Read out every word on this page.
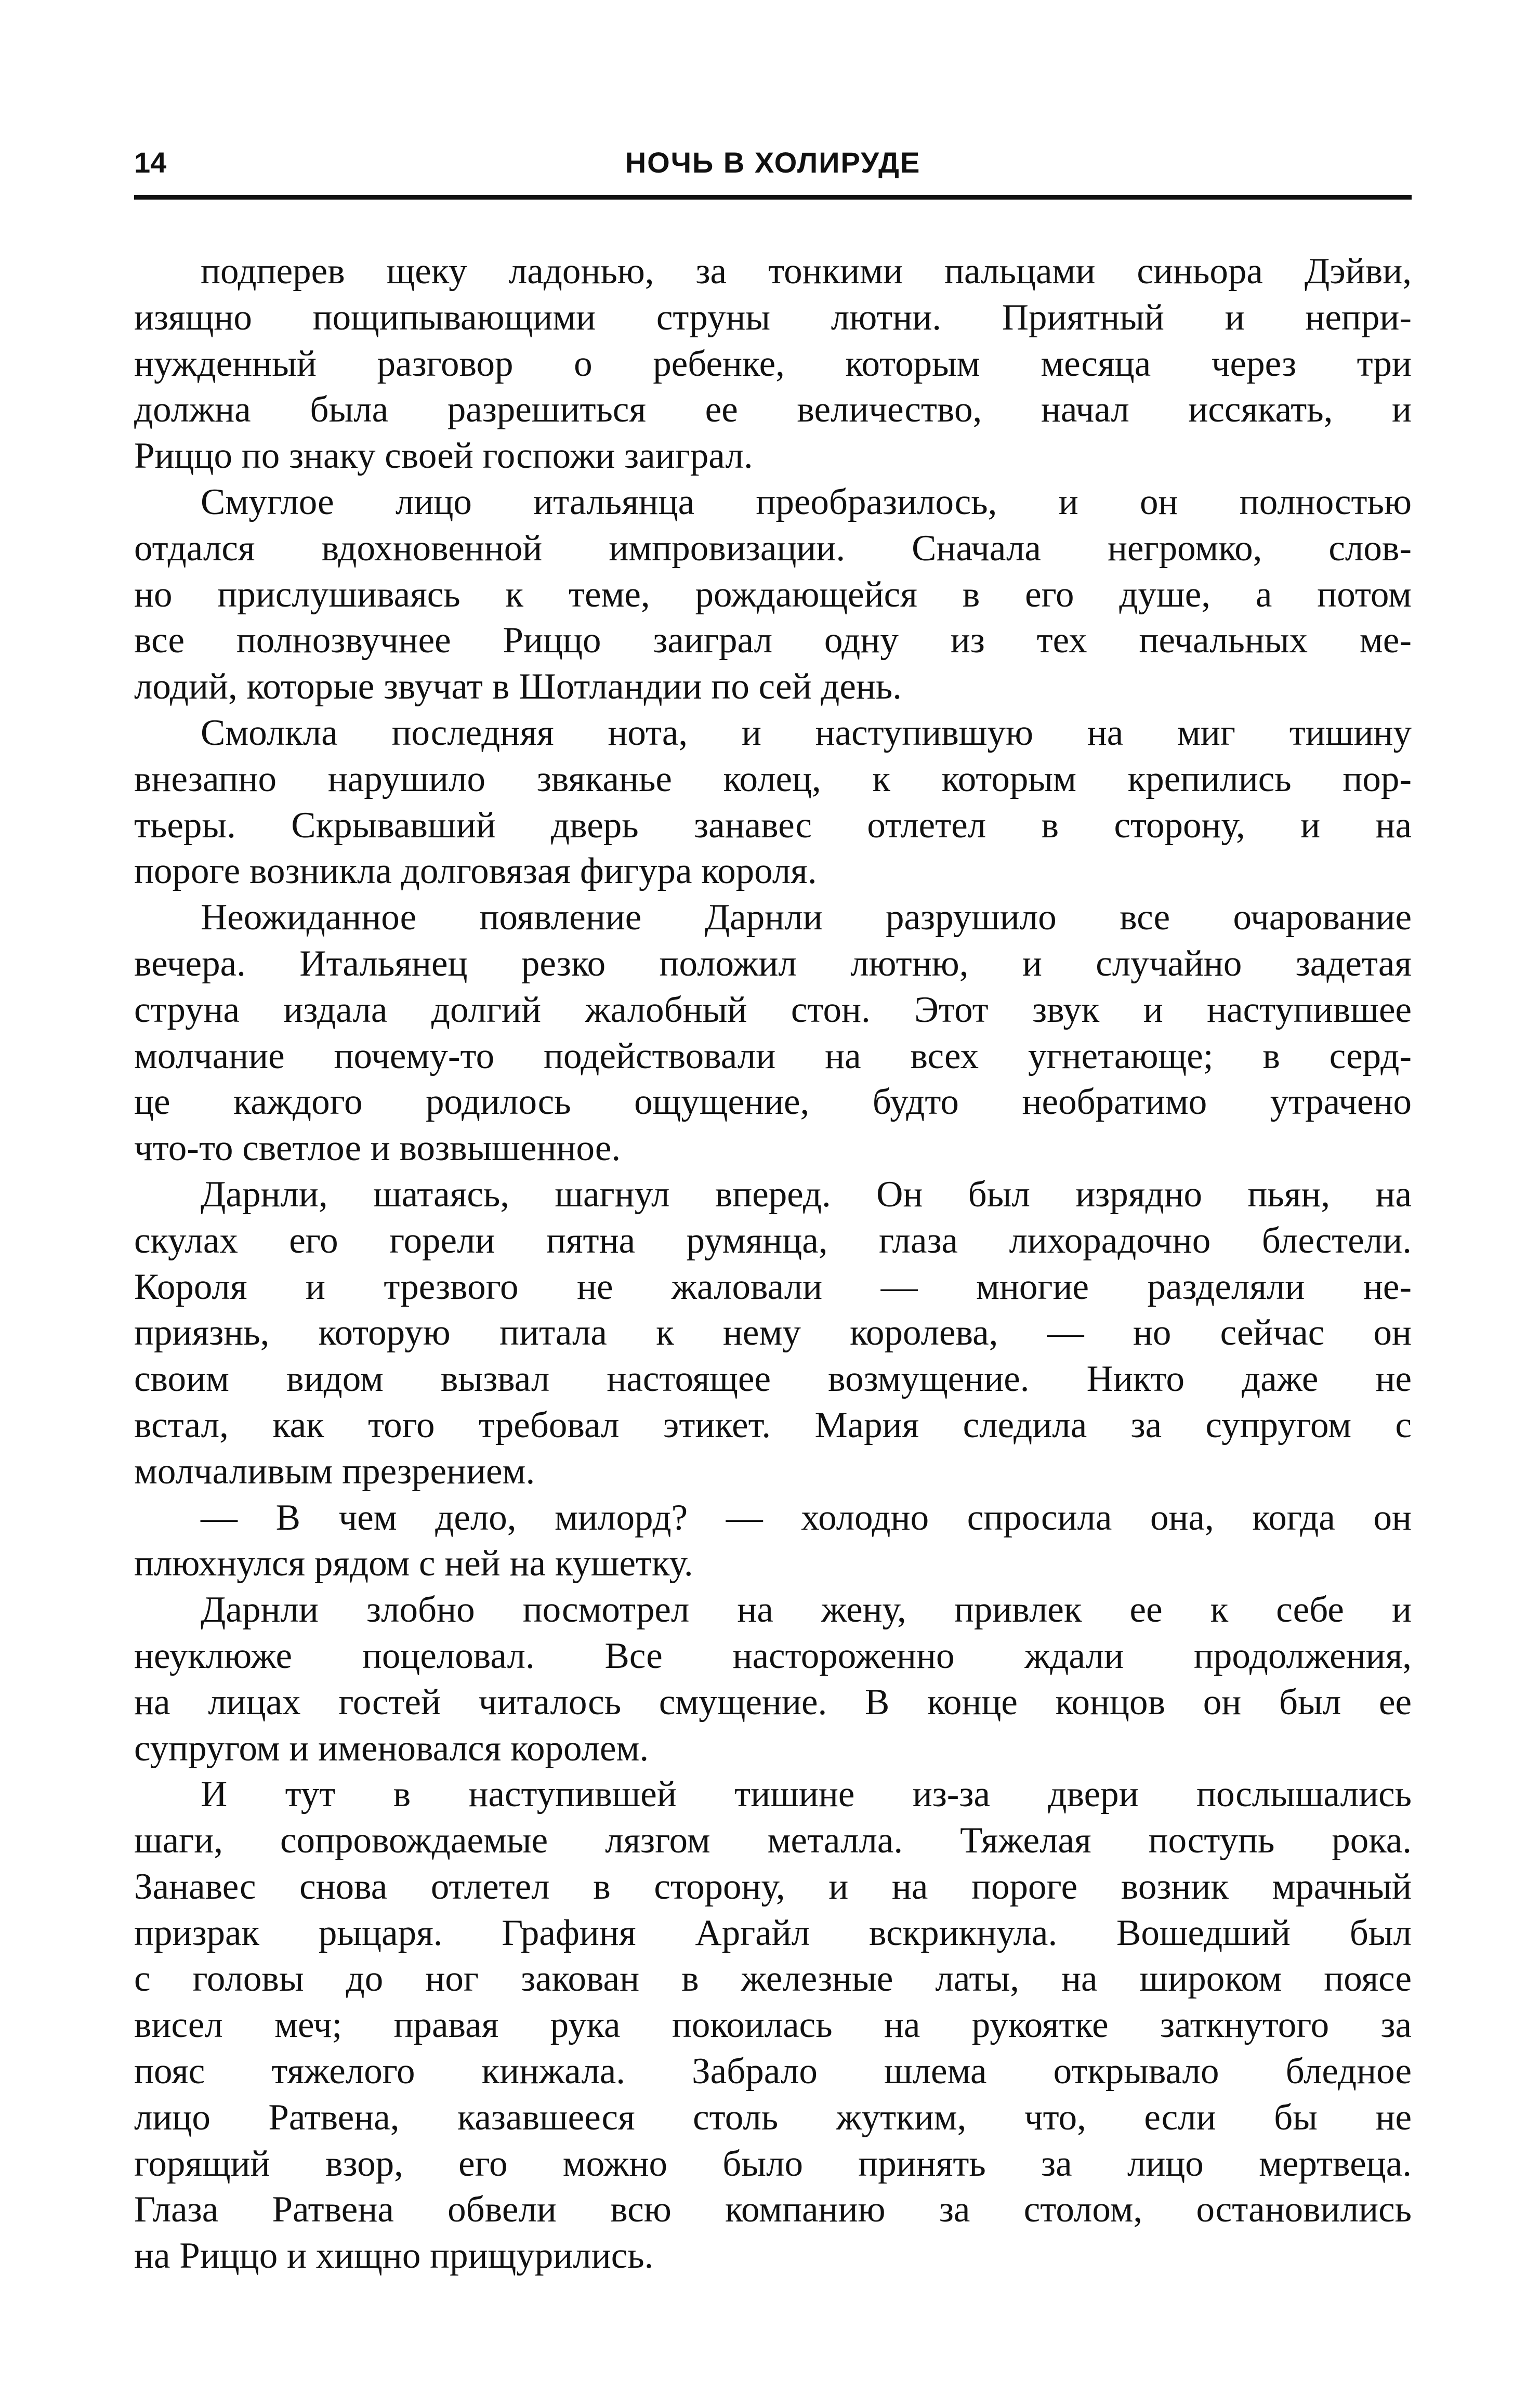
14	НОЧЬ В ХОЛИРУДЕ
подперев щеку ладонью, за тонкими пальцами синьора Дэйви,
изящно пощипывающими струны лютни. Приятный и непри-
нужденный разговор о ребенке, которым месяца через три
должна была разрешиться ее величество, начал иссякать, и
Риццо по знаку своей госпожи заиграл.
Смуглое лицо итальянца преобразилось, и он полностью
отдался вдохновенной импровизации. Сначала негромко, слов-
но прислушиваясь к теме, рождающейся в его душе, а потом
все полнозвучнее Риццо заиграл одну из тех печальных ме-
лодий, которые звучат в Шотландии по сей день.
Смолкла последняя нота, и наступившую на миг тишину
внезапно нарушило звяканье колец, к которым крепились пор-
тьеры. Скрывавший дверь занавес отлетел в сторону, и на
пороге возникла долговязая фигура короля.
Неожиданное появление Дарнли разрушило все очарование
вечера. Итальянец резко положил лютню, и случайно задетая
струна издала долгий жалобный стон. Этот звук и наступившее
молчание почему-то подействовали на всех угнетающе; в серд-
це каждого родилось ощущение, будто необратимо утрачено
что-то светлое и возвышенное.
Дарнли, шатаясь, шагнул вперед. Он был изрядно пьян, на
скулах его горели пятна румянца, глаза лихорадочно блестели.
Короля и трезвого не жаловали — многие разделяли не-
приязнь, которую питала к нему королева, — но сейчас он
своим видом вызвал настоящее возмущение. Никто даже не
встал, как того требовал этикет. Мария следила за супругом с
молчаливым презрением.
— В чем дело, милорд? — холодно спросила она, когда он
плюхнулся рядом с ней на кушетку.
Дарнли злобно посмотрел на жену, привлек ее к себе и
неуклюже поцеловал. Все настороженно ждали продолжения,
на лицах гостей читалось смущение. В конце концов он был ее
супругом и именовался королем.
И тут в наступившей тишине из-за двери послышались
шаги, сопровождаемые лязгом металла. Тяжелая поступь рока.
Занавес снова отлетел в сторону, и на пороге возник мрачный
призрак рыцаря. Графиня Аргайл вскрикнула. Вошедший был
с головы до ног закован в железные латы, на широком поясе
висел меч; правая рука покоилась на рукоятке заткнутого за
пояс тяжелого кинжала. Забрало шлема открывало бледное
лицо Ратвена, казавшееся столь жутким, что, если бы не
горящий взор, его можно было принять за лицо мертвеца.
Глаза Ратвена обвели всю компанию за столом, остановились
на Риццо и хищно прищурились.
